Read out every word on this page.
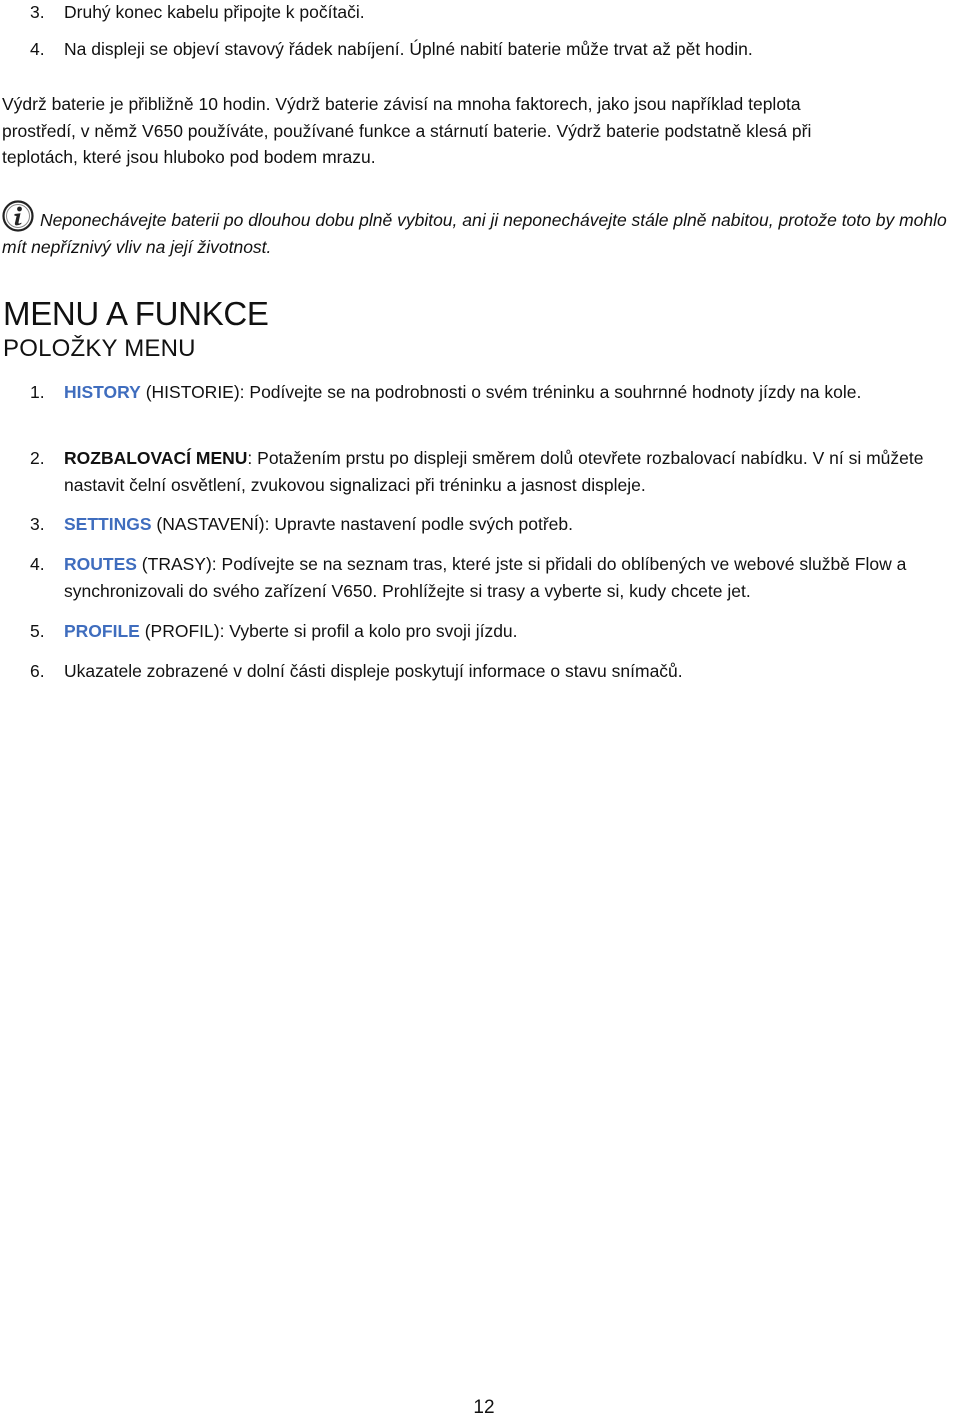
3. Druhý konec kabelu připojte k počítači.
4. Na displeji se objeví stavový řádek nabíjení. Úplné nabití baterie může trvat až pět hodin.
Výdrž baterie je přibližně 10 hodin. Výdrž baterie závisí na mnoha faktorech, jako jsou například teplota
prostředí, v němž V650 používáte, používané funkce a stárnutí baterie. Výdrž baterie podstatně klesá při
teplotách, které jsou hluboko pod bodem mrazu.
Neponechávejte baterii po dlouhou dobu plně vybitou, ani ji neponechávejte stále plně nabitou, protože toto by mohlo mít nepříznivý vliv na její životnost.
MENU A FUNKCE
POLOŽKY MENU
1. HISTORY (HISTORIE): Podívejte se na podrobnosti o svém tréninku a souhrnné hodnoty jízdy na kole.
2. ROZBALOVACÍ MENU: Potažením prstu po displeji směrem dolů otevřete rozbalovací nabídku. V ní si můžete nastavit čelní osvětlení, zvukovou signalizaci při tréninku a jasnost displeje.
3. SETTINGS (NASTAVENÍ): Upravte nastavení podle svých potřeb.
4. ROUTES (TRASY): Podívejte se na seznam tras, které jste si přidali do oblíbených ve webové službě Flow a synchronizovali do svého zařízení V650. Prohlížejte si trasy a vyberte si, kudy chcete jet.
5. PROFILE (PROFIL): Vyberte si profil a kolo pro svoji jízdu.
6. Ukazatele zobrazené v dolní části displeje poskytují informace o stavu snímačů.
12
